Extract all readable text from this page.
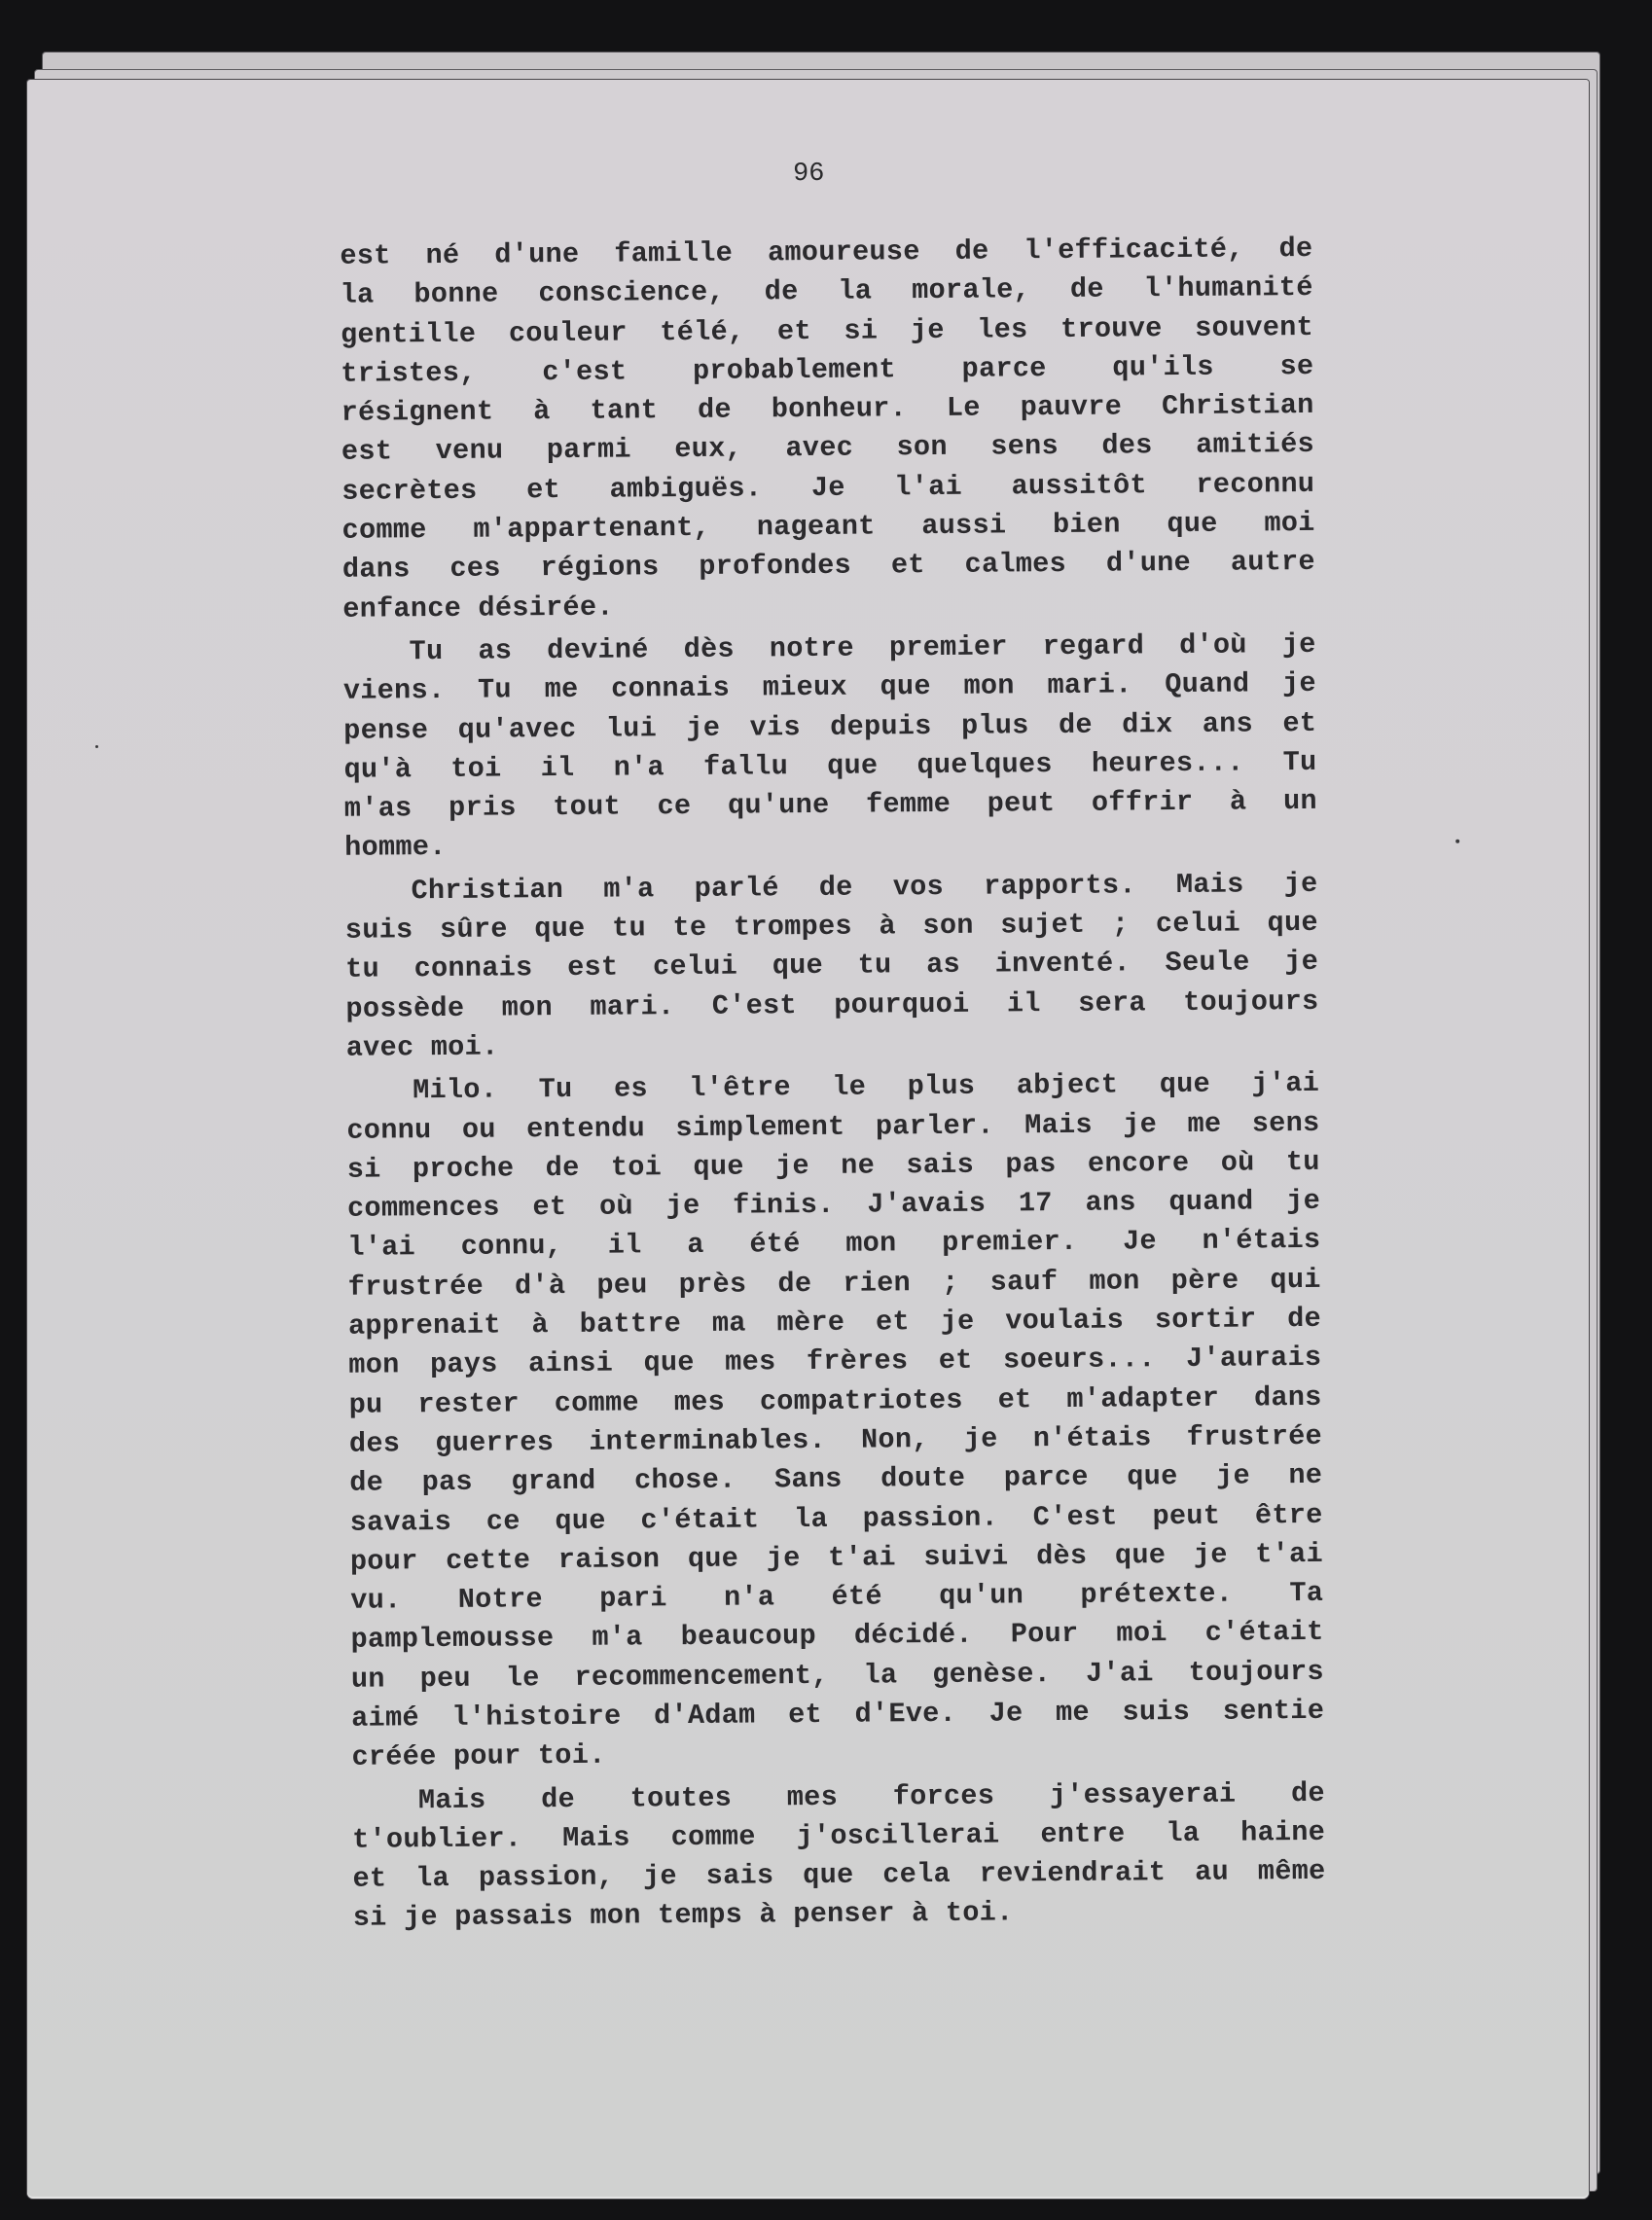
96
est né d'une famille amoureuse de l'efficacité, de
la bonne conscience, de la morale, de l'humanité
gentille couleur télé, et si je les trouve souvent
tristes, c'est probablement parce qu'ils se
résignent à tant de bonheur. Le pauvre Christian
est venu parmi eux, avec son sens des amitiés
secrètes et ambiguës. Je l'ai aussitôt reconnu
comme m'appartenant, nageant aussi bien que moi
dans ces régions profondes et calmes d'une autre
enfance désirée.
Tu as deviné dès notre premier regard d'où je
viens. Tu me connais mieux que mon mari. Quand je
pense qu'avec lui je vis depuis plus de dix ans et
qu'à toi il n'a fallu que quelques heures... Tu
m'as pris tout ce qu'une femme peut offrir à un
homme.
Christian m'a parlé de vos rapports. Mais je
suis sûre que tu te trompes à son sujet ; celui que
tu connais est celui que tu as inventé. Seule je
possède mon mari. C'est pourquoi il sera toujours
avec moi.
Milo. Tu es l'être le plus abject que j'ai
connu ou entendu simplement parler. Mais je me sens
si proche de toi que je ne sais pas encore où tu
commences et où je finis. J'avais 17 ans quand je
l'ai connu, il a été mon premier. Je n'étais
frustrée d'à peu près de rien ; sauf mon père qui
apprenait à battre ma mère et je voulais sortir de
mon pays ainsi que mes frères et soeurs... J'aurais
pu rester comme mes compatriotes et m'adapter dans
des guerres interminables. Non, je n'étais frustrée
de pas grand chose. Sans doute parce que je ne
savais ce que c'était la passion. C'est peut être
pour cette raison que je t'ai suivi dès que je t'ai
vu. Notre pari n'a été qu'un prétexte. Ta
pamplemousse m'a beaucoup décidé. Pour moi c'était
un peu le recommencement, la genèse. J'ai toujours
aimé l'histoire d'Adam et d'Eve. Je me suis sentie
créée pour toi.
Mais de toutes mes forces j'essayerai de
t'oublier. Mais comme j'oscillerai entre la haine
et la passion, je sais que cela reviendrait au même
si je passais mon temps à penser à toi.
